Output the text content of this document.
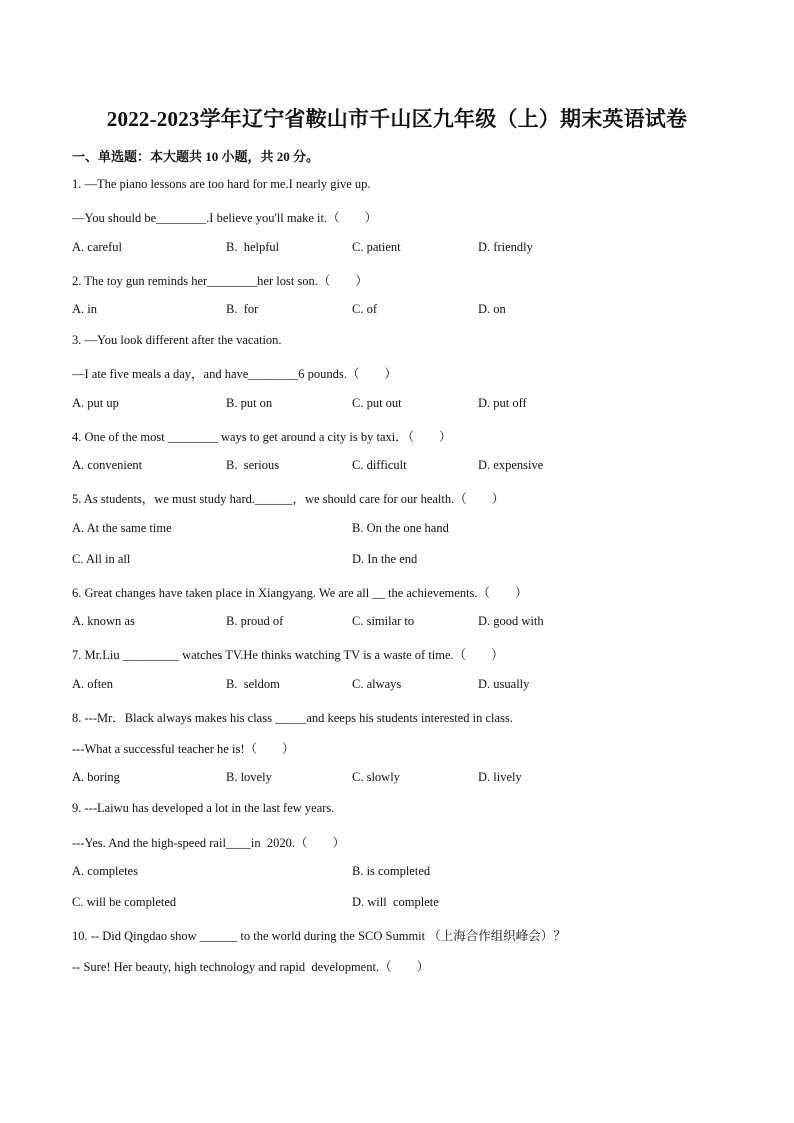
2022-2023学年辽宁省鞍山市千山区九年级（上）期末英语试卷
一、单选题：本大题共 10 小题，共 20 分。
1. —The piano lessons are too hard for me.I nearly give up.
—You should be________.I believe you'll make it.（        ）
A. careful	B.  helpful	C. patient	D. friendly
2. The toy gun reminds her________her lost son.（        ）
A. in	B.  for	C. of	D. on
3. —You look different after the vacation.
—I ate five meals a day，and have________6 pounds.（        ）
A. put up	B. put on	C. put out	D. put off
4. One of the most ________ ways to get around a city is by taxi．（        ）
A. convenient	B.  serious	C. difficult	D. expensive
5. As students，we must study hard.______，we should care for our health.（        ）
A. At the same time	B. On the one hand
C. All in all	D. In the end
6. Great changes have taken place in Xiangyang. We are all __ the achievements.（        ）
A. known as	B. proud of	C. similar to	D. good with
7. Mr.Liu _________ watches TV.He thinks watching TV is a waste of time.（        ）
A. often	B.  seldom	C. always	D. usually
8. ---Mr．Black always makes his class _____and keeps his students interested in class.
---What a successful teacher he is!（        ）
A. boring	B. lovely	C. slowly	D. lively
9. ---Laiwu has developed a lot in the last few years.
---Yes. And the high-speed rail____in  2020.（        ）
A. completes	B. is completed
C. will be completed	D. will  complete
10. -- Did Qingdao show ______ to the world during the SCO Summit （上海合作组织峰会）？
-- Sure! Her beauty, high technology and rapid  development.（        ）
